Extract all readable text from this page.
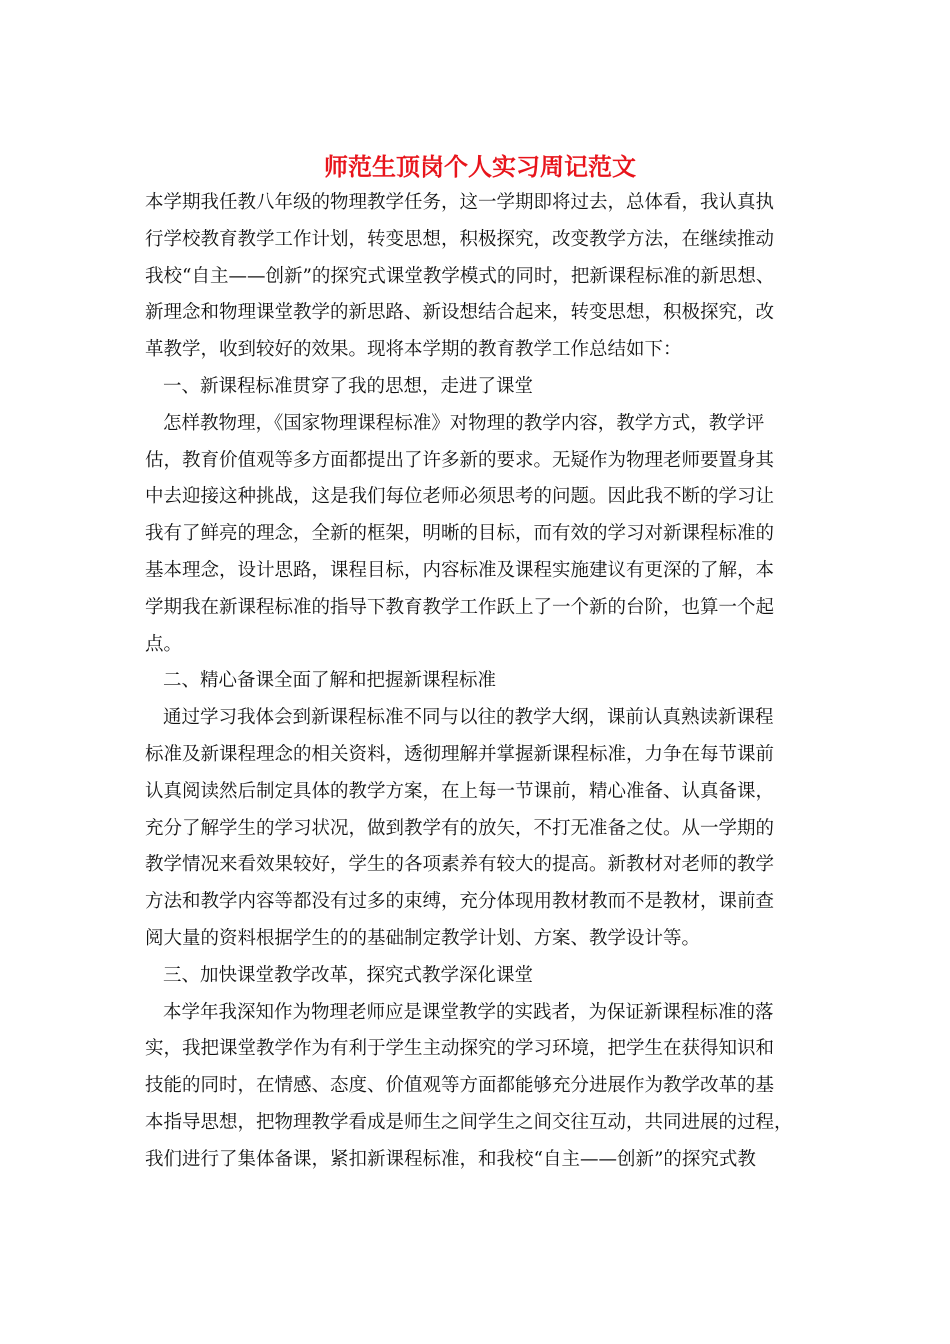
师范生顶岗个人实习周记范文
本学期我任教八年级的物理教学任务，这一学期即将过去，总体看，我认真执
行学校教育教学工作计划，转变思想，积极探究，改变教学方法，在继续推动
我校“自主——创新”的探究式课堂教学模式的同时，把新课程标准的新思想、
新理念和物理课堂教学的新思路、新设想结合起来，转变思想，积极探究，改
革教学，收到较好的效果。现将本学期的教育教学工作总结如下：
一、新课程标准贯穿了我的思想，走进了课堂
怎样教物理，《国家物理课程标准》对物理的教学内容，教学方式，教学评
估，教育价值观等多方面都提出了许多新的要求。无疑作为物理老师要置身其
中去迎接这种挑战，这是我们每位老师必须思考的问题。因此我不断的学习让
我有了鲜亮的理念，全新的框架，明晰的目标，而有效的学习对新课程标准的
基本理念，设计思路，课程目标，内容标准及课程实施建议有更深的了解，本
学期我在新课程标准的指导下教育教学工作跃上了一个新的台阶，也算一个起
点。
二、精心备课全面了解和把握新课程标准
通过学习我体会到新课程标准不同与以往的教学大纲，课前认真熟读新课程
标准及新课程理念的相关资料，透彻理解并掌握新课程标准，力争在每节课前
认真阅读然后制定具体的教学方案，在上每一节课前，精心准备、认真备课，
充分了解学生的学习状况，做到教学有的放矢，不打无准备之仗。从一学期的
教学情况来看效果较好，学生的各项素养有较大的提高。新教材对老师的教学
方法和教学内容等都没有过多的束缚，充分体现用教材教而不是教材，课前查
阅大量的资料根据学生的的基础制定教学计划、方案、教学设计等。
三、加快课堂教学改革，探究式教学深化课堂
本学年我深知作为物理老师应是课堂教学的实践者，为保证新课程标准的落
实，我把课堂教学作为有利于学生主动探究的学习环境，把学生在获得知识和
技能的同时，在情感、态度、价值观等方面都能够充分进展作为教学改革的基
本指导思想，把物理教学看成是师生之间学生之间交往互动，共同进展的过程，
我们进行了集体备课，紧扣新课程标准，和我校“自主——创新”的探究式教
